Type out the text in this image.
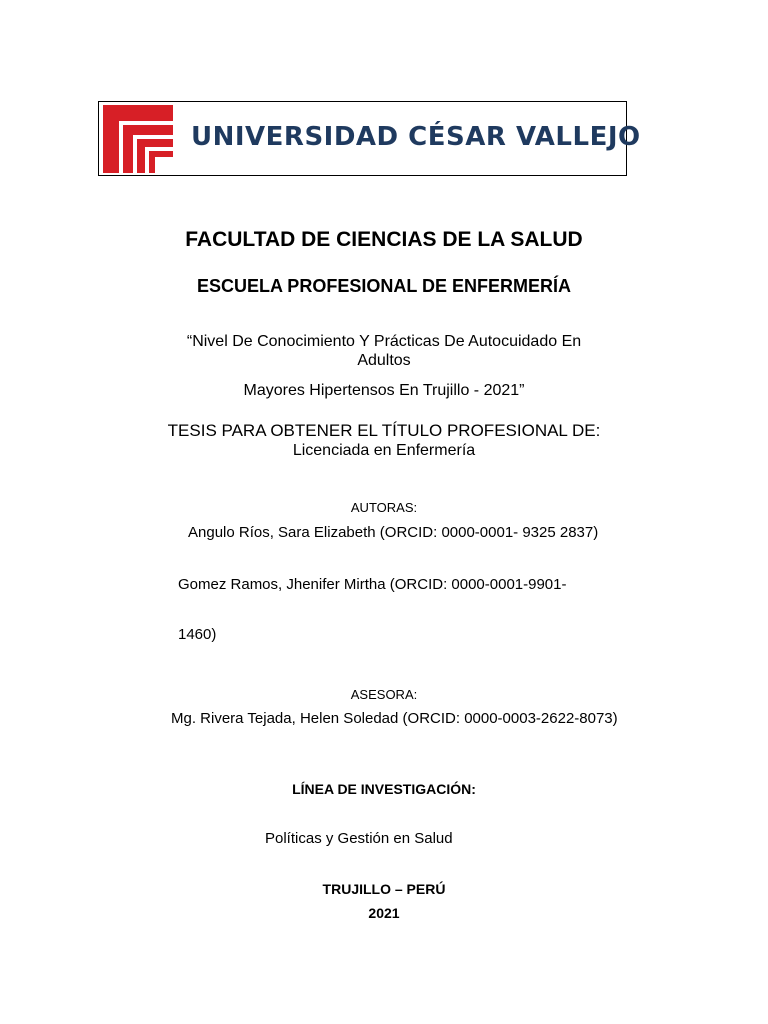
UNIVERSIDAD CÉSAR VALLEJO
FACULTAD DE CIENCIAS DE LA SALUD
ESCUELA PROFESIONAL DE ENFERMERÍA
“Nivel De Conocimiento Y Prácticas De Autocuidado En
Adultos
Mayores Hipertensos En Trujillo - 2021”
TESIS PARA OBTENER EL TÍTULO PROFESIONAL DE:
Licenciada en Enfermería
AUTORAS:
Angulo Ríos, Sara Elizabeth (ORCID: 0000-0001- 9325 2837)
Gomez Ramos, Jhenifer Mirtha (ORCID: 0000-0001-9901-
1460)
ASESORA:
Mg. Rivera Tejada, Helen Soledad (ORCID: 0000-0003-2622-8073)
LÍNEA DE INVESTIGACIÓN:
Políticas y Gestión en Salud
TRUJILLO – PERÚ
2021
